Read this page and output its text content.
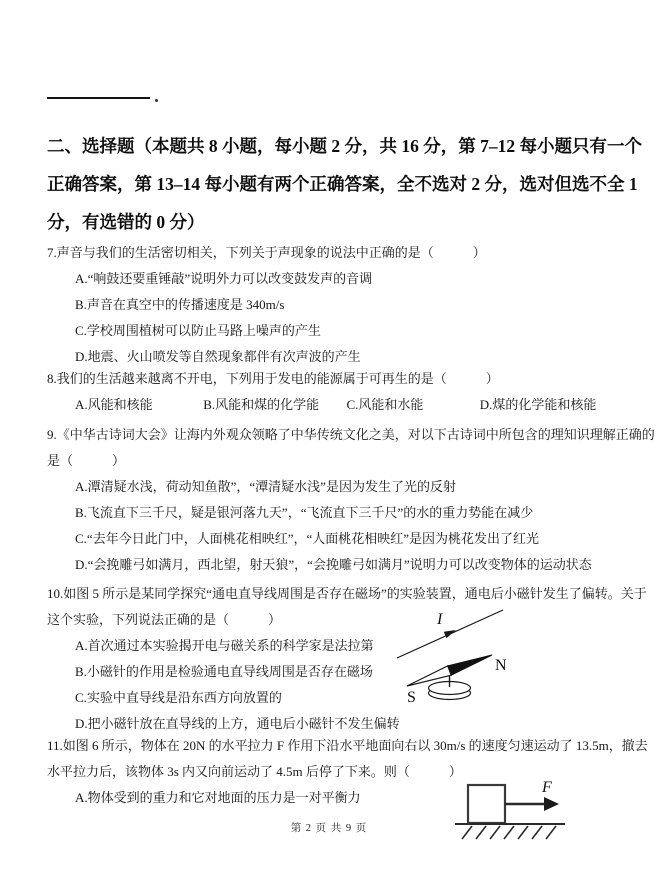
二、选择题（本题共 8 小题，每小题 2 分，共 16 分，第 7–12 每小题只有一个
正确答案，第 13–14 每小题有两个正确答案，全不选对 2 分，选对但选不全 1
分，有选错的 0 分）
7.声音与我们的生活密切相关，下列关于声现象的说法中正确的是（　　　）
A.“响鼓还要重锤敲”说明外力可以改变鼓发声的音调
B.声音在真空中的传播速度是 340m/s
C.学校周围植树可以防止马路上噪声的产生
D.地震、火山喷发等自然现象都伴有次声波的产生
8.我们的生活越来越离不开电，下列用于发电的能源属于可再生的是（　　　）
A.风能和核能	B.风能和煤的化学能 C.风能和水能	D.煤的化学能和核能
9.《中华古诗词大会》让海内外观众领略了中华传统文化之美，对以下古诗词中所包含的理知识理解正确的
是（　　　）
A.潭清疑水浅，荷动知鱼散”，“潭清疑水浅”是因为发生了光的反射
B.飞流直下三千尺，疑是银河落九天”，“飞流直下三千尺”的水的重力势能在减少
C.“去年今日此门中，人面桃花相映红”，“人面桃花相映红”是因为桃花发出了红光
D.“会挽雕弓如满月，西北望，射天狼”，“会挽雕弓如满月”说明力可以改变物体的运动状态
10.如图 5 所示是某同学探究“通电直导线周围是否存在磁场”的实验装置，通电后小磁针发生了偏转。关于
这个实验，下列说法正确的是（　　　）
A.首次通过本实验揭开电与磁关系的科学家是法拉第
B.小磁针的作用是检验通电直导线周围是否存在磁场
C.实验中直导线是沿东西方向放置的
D.把小磁针放在直导线的上方，通电后小磁针不发生偏转
I
S
N
11.如图 6 所示，物体在 20N 的水平拉力 F 作用下沿水平地面向右以 30m/s 的速度匀速运动了 13.5m，撤去
水平拉力后，该物体 3s 内又向前运动了 4.5m 后停了下来。则（　　　）
A.物体受到的重力和它对地面的压力是一对平衡力
F
第 2 页 共 9 页
